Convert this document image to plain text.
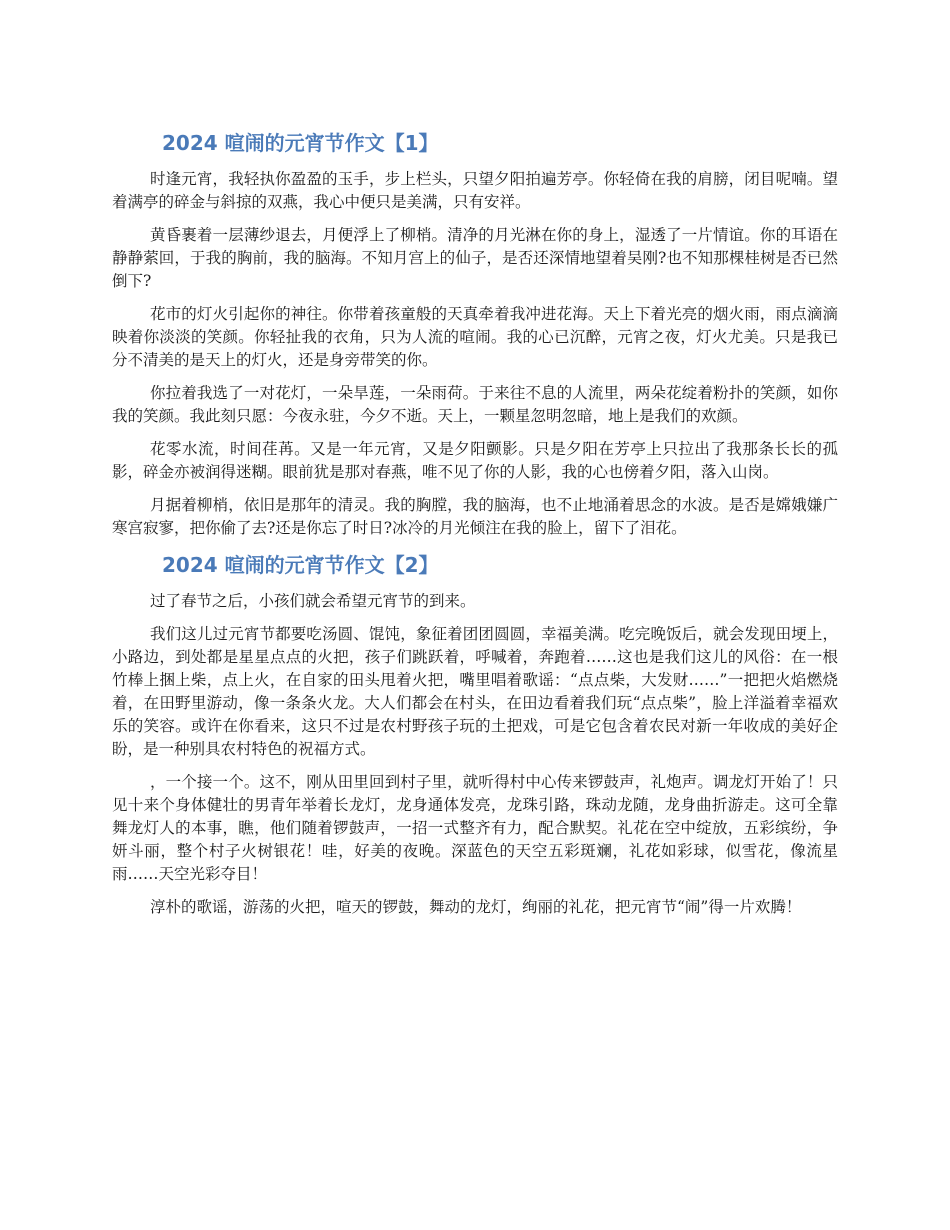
2024 喧闹的元宵节作文【1】

时逢元宵，我轻执你盈盈的玉手，步上栏头，只望夕阳拍遍芳亭。你轻倚在我的肩膀，闭目呢喃。望着满亭的碎金与斜掠的双燕，我心中便只是美满，只有安祥。

黄昏裹着一层薄纱退去，月便浮上了柳梢。清净的月光淋在你的身上，湿透了一片情谊。你的耳语在静静萦回，于我的胸前，我的脑海。不知月宫上的仙子，是否还深情地望着吴刚?也不知那棵桂树是否已然倒下?

花市的灯火引起你的神往。你带着孩童般的天真牵着我冲进花海。天上下着光亮的烟火雨，雨点滴滴映着你淡淡的笑颜。你轻扯我的衣角，只为人流的喧闹。我的心已沉醉，元宵之夜，灯火尤美。只是我已分不清美的是天上的灯火，还是身旁带笑的你。

你拉着我选了一对花灯，一朵旱莲，一朵雨荷。于来往不息的人流里，两朵花绽着粉扑的笑颜，如你我的笑颜。我此刻只愿：今夜永驻，今夕不逝。天上，一颗星忽明忽暗，地上是我们的欢颜。

花零水流，时间荏苒。又是一年元宵，又是夕阳颤影。只是夕阳在芳亭上只拉出了我那条长长的孤影，碎金亦被润得迷糊。眼前犹是那对春燕，唯不见了你的人影，我的心也傍着夕阳，落入山岗。

月据着柳梢，依旧是那年的清灵。我的胸膛，我的脑海，也不止地涌着思念的水波。是否是嫦娥嫌广寒宫寂寥，把你偷了去?还是你忘了时日?冰冷的月光倾注在我的脸上，留下了泪花。

2024 喧闹的元宵节作文【2】

过了春节之后，小孩们就会希望元宵节的到来。

我们这儿过元宵节都要吃汤圆、馄饨，象征着团团圆圆，幸福美满。吃完晚饭后，就会发现田埂上，小路边，到处都是星星点点的火把，孩子们跳跃着，呼喊着，奔跑着……这也是我们这儿的风俗：在一根竹棒上捆上柴，点上火，在自家的田头甩着火把，嘴里唱着歌谣：“点点柴，大发财……”一把把火焰燃烧着，在田野里游动，像一条条火龙。大人们都会在村头，在田边看着我们玩“点点柴”，脸上洋溢着幸福欢乐的笑容。或许在你看来，这只不过是农村野孩子玩的土把戏，可是它包含着农民对新一年收成的美好企盼，是一种别具农村特色的祝福方式。

，一个接一个。这不，刚从田里回到村子里，就听得村中心传来锣鼓声，礼炮声。调龙灯开始了！只见十来个身体健壮的男青年举着长龙灯，龙身通体发亮，龙珠引路，珠动龙随，龙身曲折游走。这可全靠舞龙灯人的本事，瞧，他们随着锣鼓声，一招一式整齐有力，配合默契。礼花在空中绽放，五彩缤纷，争妍斗丽，整个村子火树银花！哇，好美的夜晚。深蓝色的天空五彩斑斓，礼花如彩球，似雪花，像流星雨……天空光彩夺目！

淳朴的歌谣，游荡的火把，喧天的锣鼓，舞动的龙灯，绚丽的礼花，把元宵节“闹”得一片欢腾！
